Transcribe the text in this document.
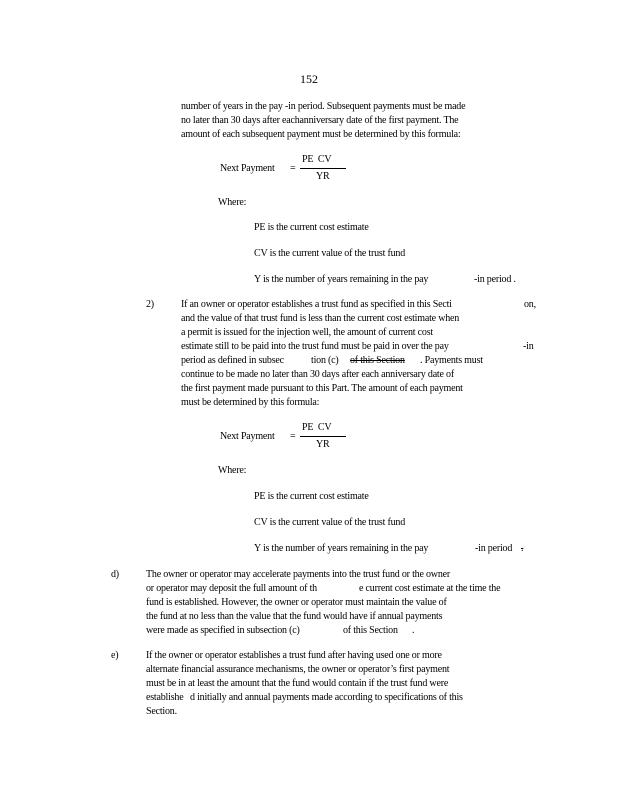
152
number of years in the pay -in period. Subsequent payments must be made
no later than 30 days after eachanniversary date of the first payment. The
amount of each subsequent payment must be determined by this formula:
Next Payment =
PE  CV
YR
Where:
PE is the current cost estimate
CV is the current value of the trust fund
Y is the number of years remaining in the pay	-in period .
2)	If an owner or operator establishes a trust fund as specified in this Secti	on,
and the value of that trust fund is less than the current cost estimate when
a permit is issued for the injection well, the amount of current cost
estimate still to be paid into the trust fund must be paid in over the pay	-in
period as defined in subsec	tion (c) of this Section . Payments must
continue to be made no later than 30 days after each anniversary date of
the first payment made pursuant to this Part. The amount of each payment
must be determined by this formula:
Next Payment =
PE  CV
YR
Where:
PE is the current cost estimate
CV is the current value of the trust fund
Y is the number of years remaining in the pay	-in period .
d)	The owner or operator may accelerate payments into the trust fund or the owner
or operator may deposit the full amount of th	e current cost estimate at the time the
fund is established. However, the owner or operator must maintain the value of
the fund at no less than the value that the fund would have if annual payments
were made as specified in subsection (c)	of this Section .
e)	If the owner or operator establishes a trust fund after having used one or more
alternate financial assurance mechanisms, the owner or operator’s first payment
must be in at least the amount that the fund would contain if the trust fund were
establishe d initially and annual payments made according to specifications of this
Section.
